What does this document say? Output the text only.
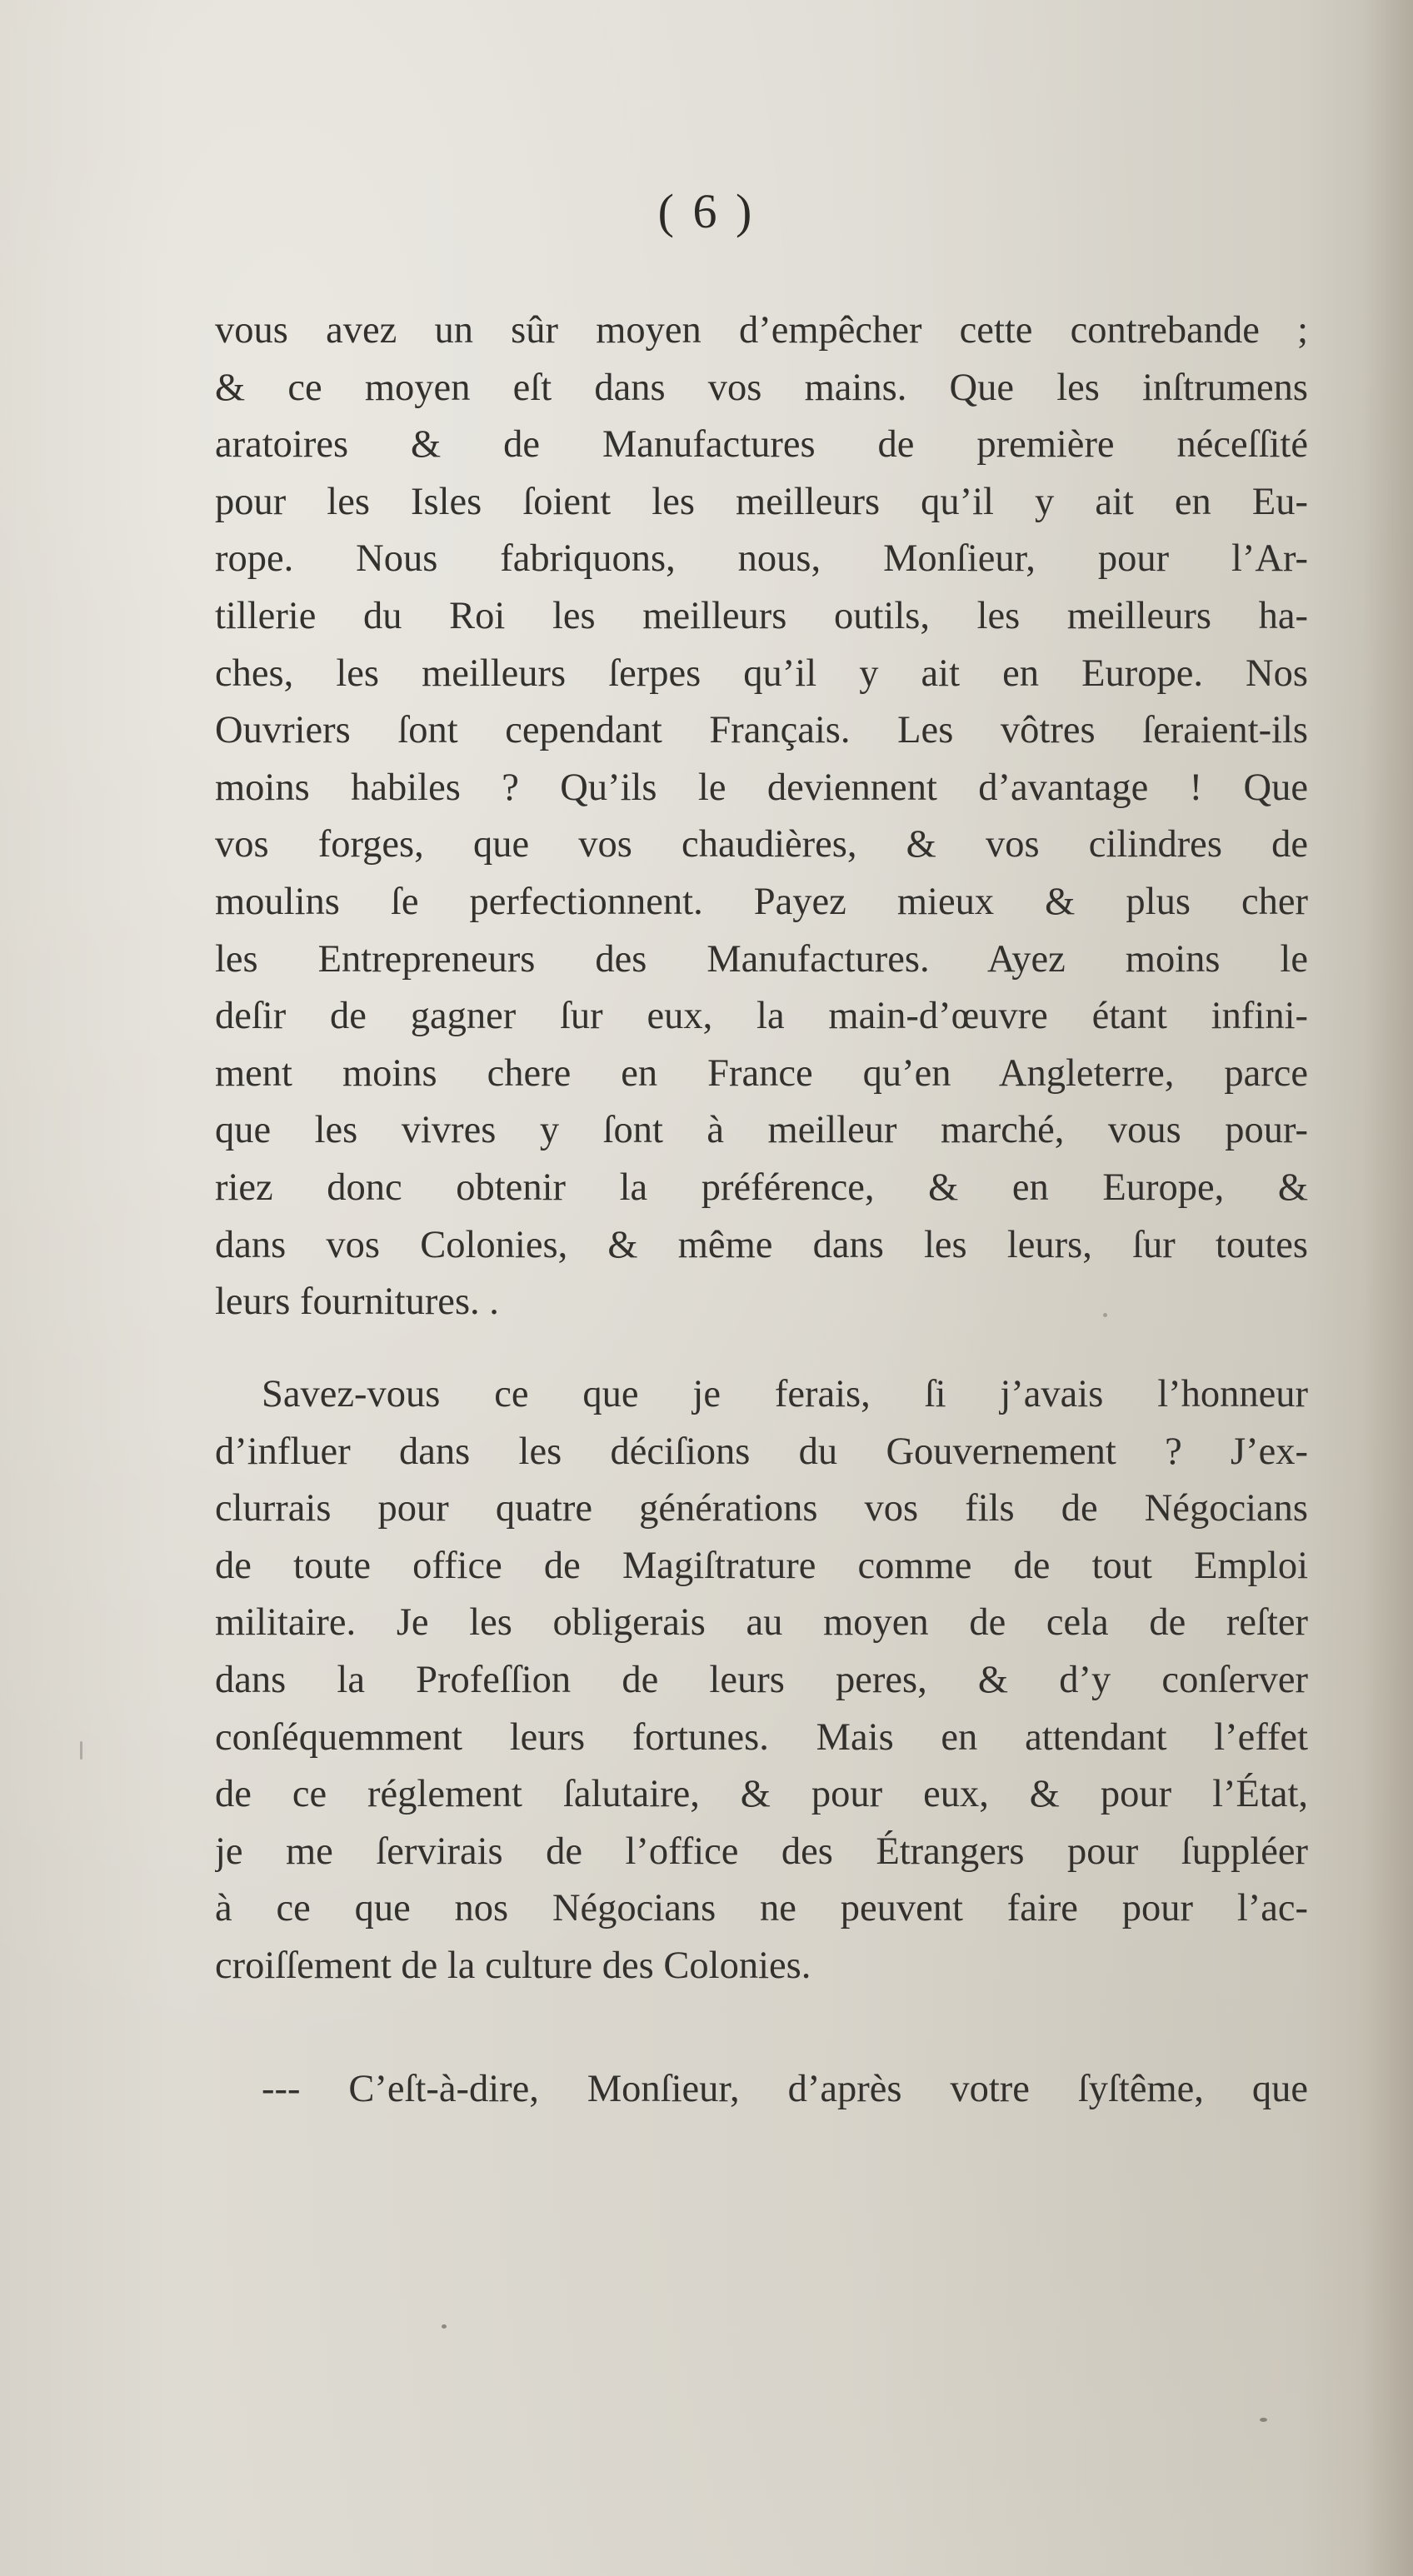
( 6 )
vous avez un sûr moyen d’empêcher cette contrebande ;
& ce moyen eſt dans vos mains. Que les inſtrumens
aratoires & de Manufactures de première néceſſité
pour les Isles ſoient les meilleurs qu’il y ait en Eu-
rope. Nous fabriquons, nous, Monſieur, pour l’Ar-
tillerie du Roi les meilleurs outils, les meilleurs ha-
ches, les meilleurs ſerpes qu’il y ait en Europe. Nos
Ouvriers ſont cependant Français. Les vôtres ſeraient-ils
moins habiles ? Qu’ils le deviennent d’avantage ! Que
vos forges, que vos chaudières, & vos cilindres de
moulins ſe perfectionnent. Payez mieux & plus cher
les Entrepreneurs des Manufactures. Ayez moins le
deſir de gagner ſur eux, la main-d’œuvre étant infini-
ment moins chere en France qu’en Angleterre, parce
que les vivres y ſont à meilleur marché, vous pour-
riez donc obtenir la préférence, & en Europe, &
dans vos Colonies, & même dans les leurs, ſur toutes
leurs fournitures. .
Savez-vous ce que je ferais, ſi j’avais l’honneur
d’influer dans les déciſions du Gouvernement ? J’ex-
clurrais pour quatre générations vos fils de Négocians
de toute office de Magiſtrature comme de tout Emploi
militaire. Je les obligerais au moyen de cela de reſter
dans la Profeſſion de leurs peres, & d’y conſerver
conſéquemment leurs fortunes. Mais en attendant l’effet
de ce réglement ſalutaire, & pour eux, & pour l’État,
je me ſervirais de l’office des Étrangers pour ſuppléer
à ce que nos Négocians ne peuvent faire pour l’ac-
croiſſement de la culture des Colonies.
--- C’eſt-à-dire, Monſieur, d’après votre ſyſtême, que
